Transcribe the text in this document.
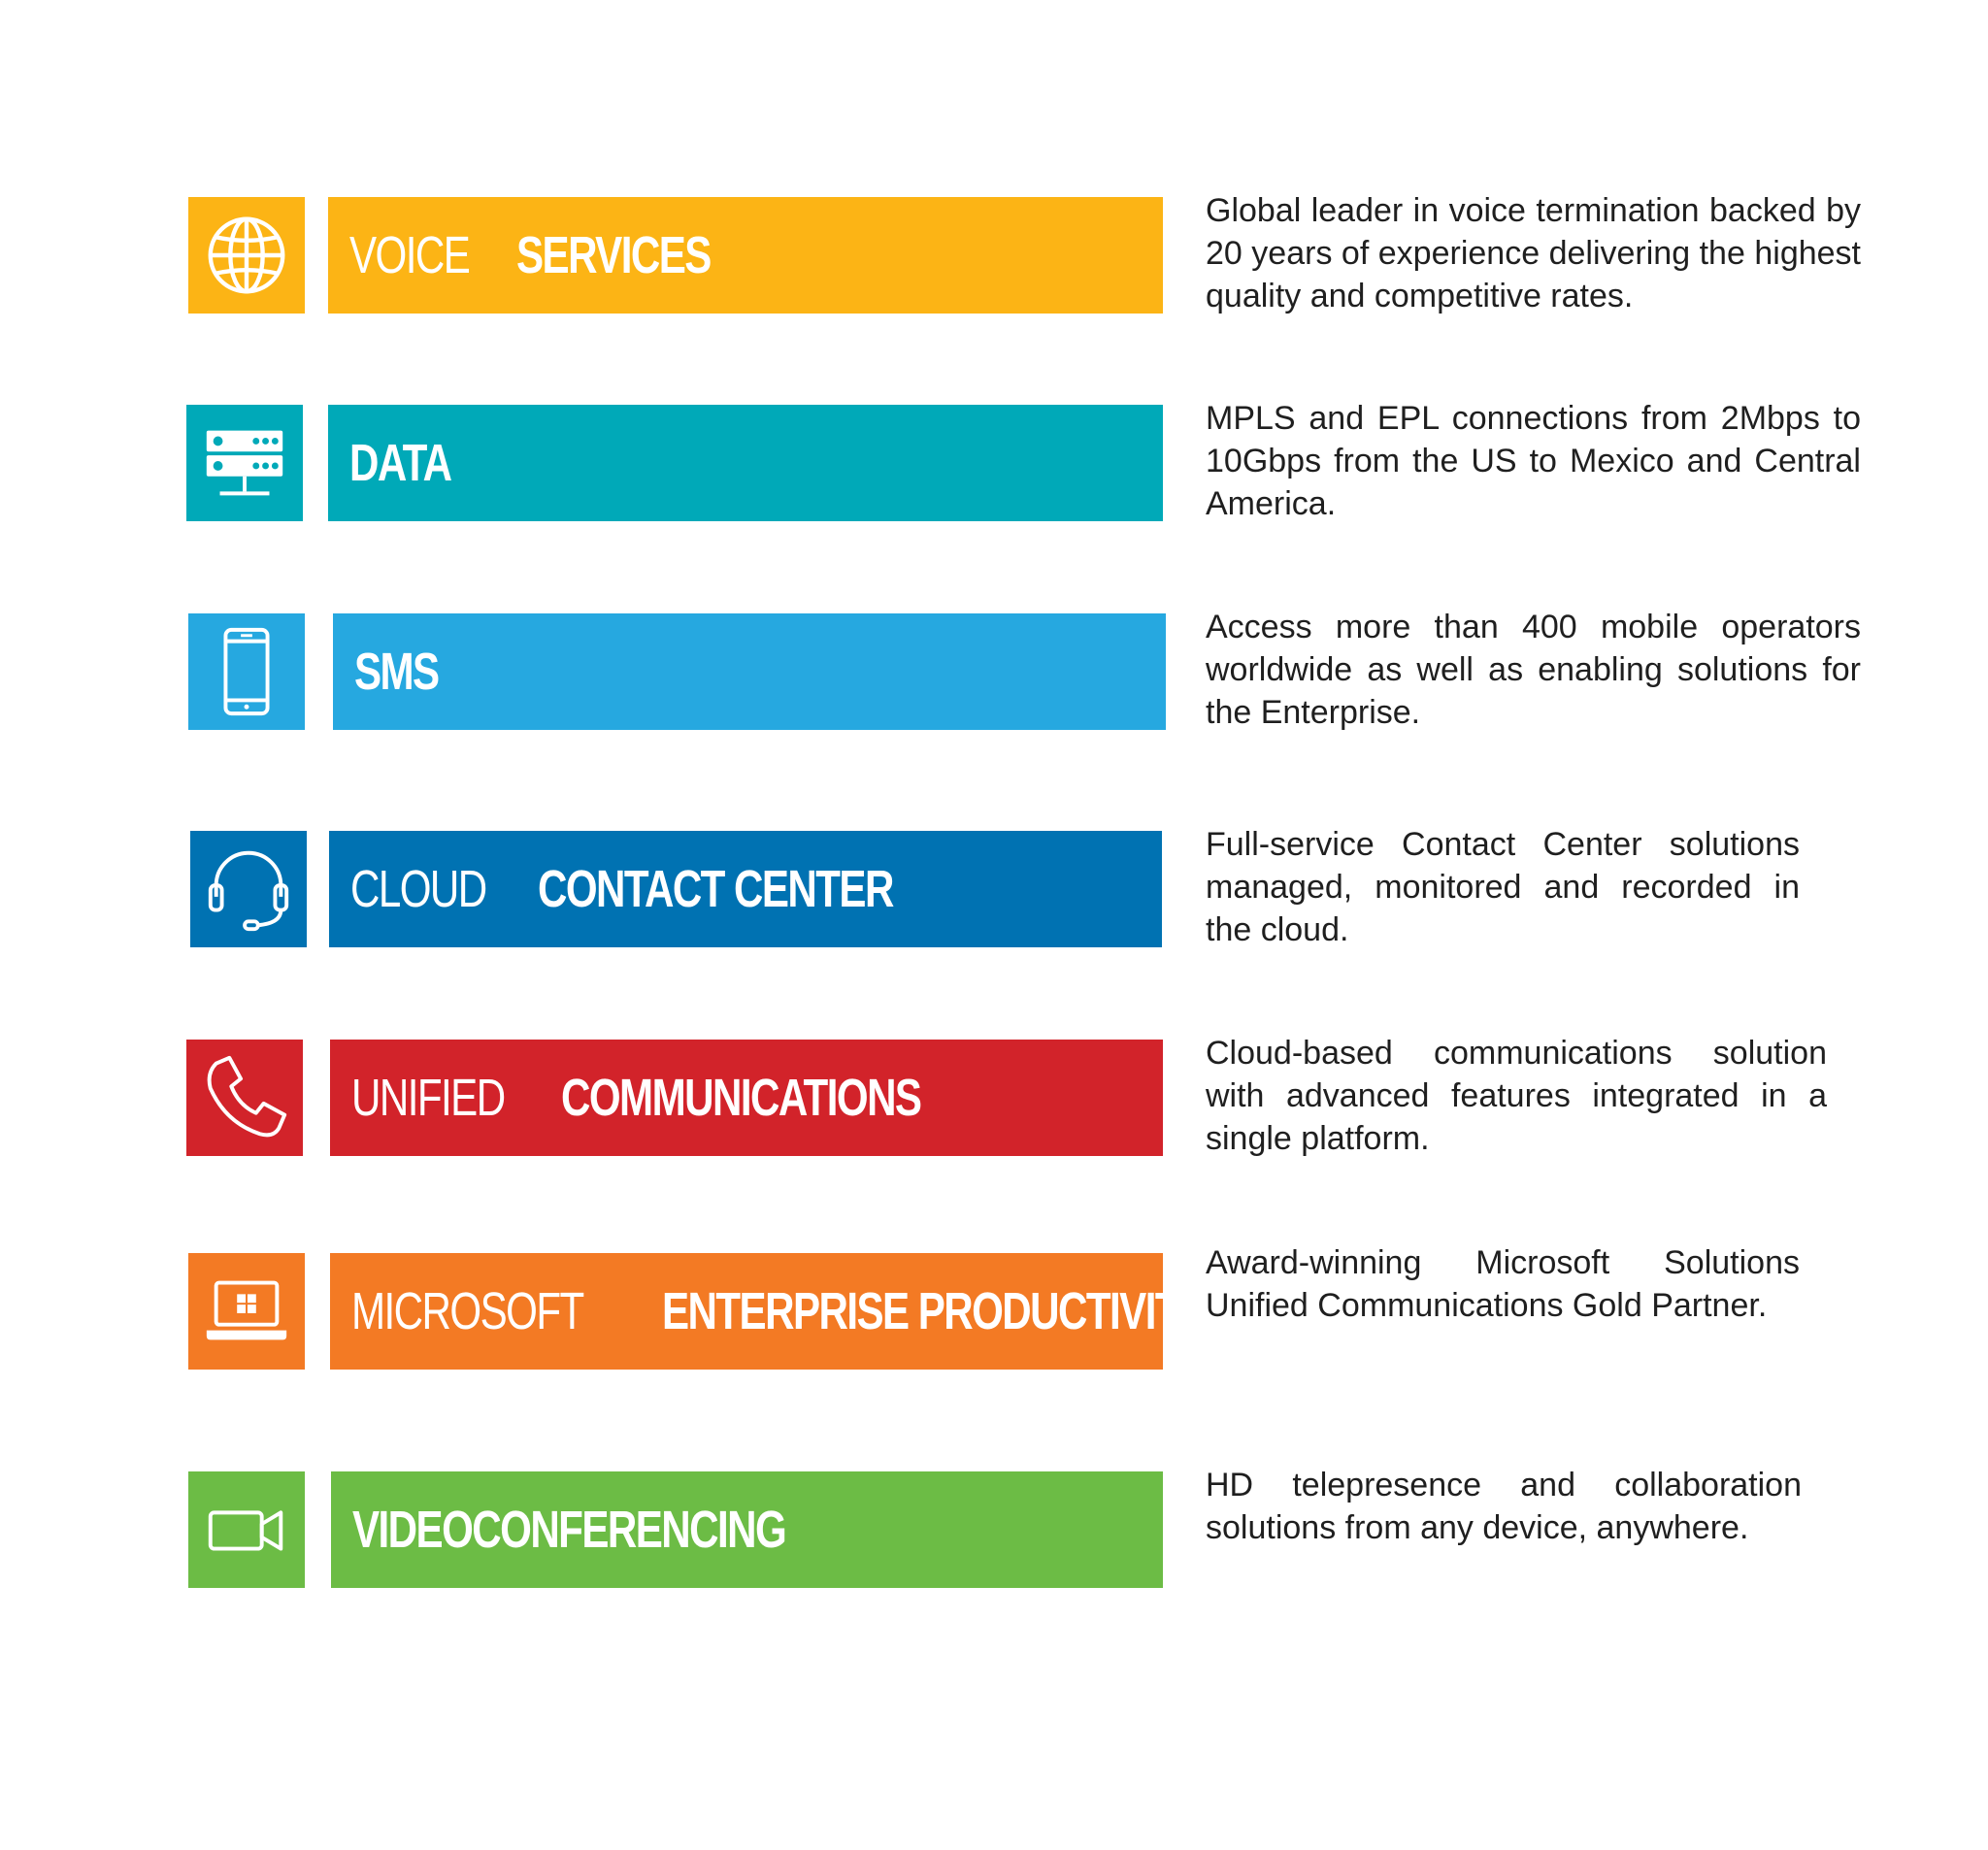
VOICE SERVICES
Global leader in voice termination backed by 20 years of experience delivering the highest quality and competitive rates.
DATA
MPLS and EPL connections from 2Mbps to 10Gbps from the US to Mexico and Central America.
SMS
Access more than 400 mobile operators worldwide as well as enabling solutions for the Enterprise.
CLOUD CONTACT CENTER
Full-service Contact Center solutions managed, monitored and recorded in the cloud.
UNIFIED COMMUNICATIONS
Cloud-based communications solution with advanced features integrated in a single platform.
MICROSOFT ENTERPRISE PRODUCTIVITY
Award-winning Microsoft Solutions Unified Communications Gold Partner.
VIDEOCONFERENCING
HD telepresence and collaboration solutions from any device, anywhere.
